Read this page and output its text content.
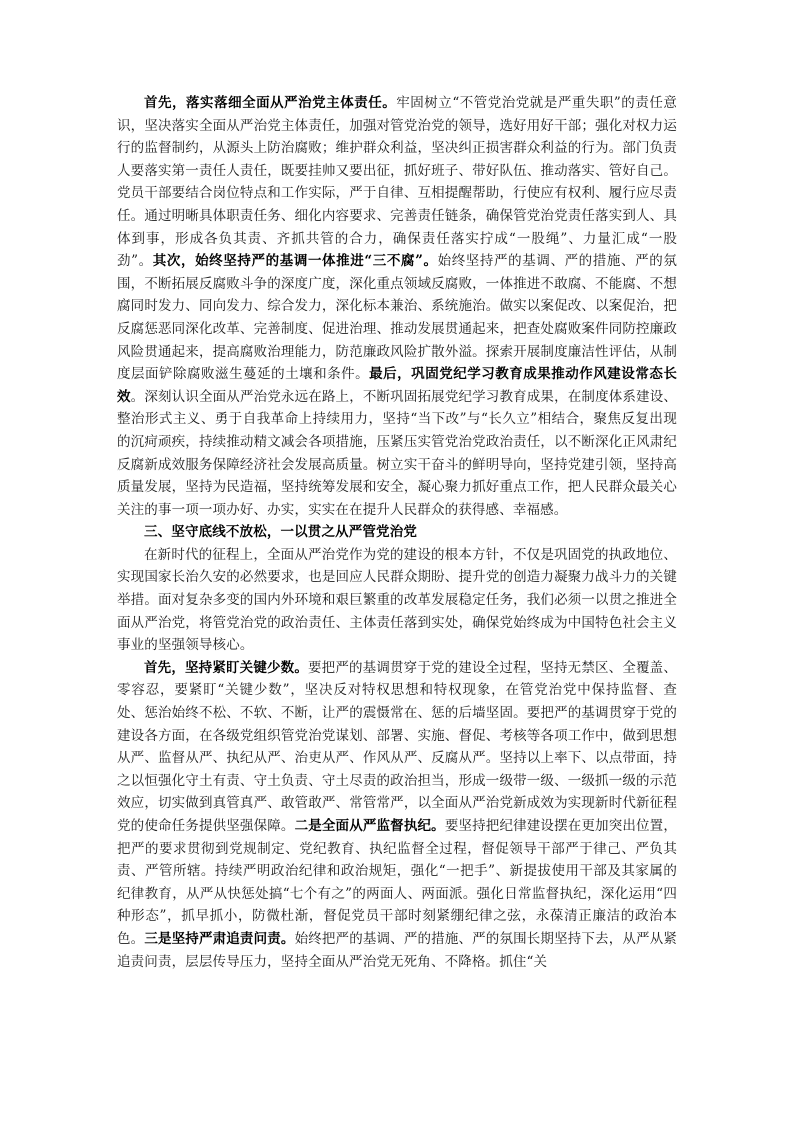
首先，落实落细全面从严治党主体责任。牢固树立“不管党治党就是严重失职”的责任意识，坚决落实全面从严治党主体责任，加强对管党治党的领导，选好用好干部；强化对权力运行的监督制约，从源头上防治腐败；维护群众利益，坚决纠正损害群众利益的行为。部门负责人要落实第一责任人责任，既要挂帅又要出征，抓好班子、带好队伍、推动落实、管好自己。党员干部要结合岗位特点和工作实际，严于自律、互相提醒帮助，行使应有权利、履行应尽责任。通过明晰具体职责任务、细化内容要求、完善责任链条，确保管党治党责任落实到人、具体到事，形成各负其责、齐抓共管的合力，确保责任落实拧成“一股绳”、力量汇成“一股劲”。其次，始终坚持严的基调一体推进“三不腐”。始终坚持严的基调、严的措施、严的氛围，不断拓展反腐败斗争的深度广度，深化重点领域反腐败，一体推进不敢腐、不能腐、不想腐同时发力、同向发力、综合发力，深化标本兼治、系统施治。做实以案促改、以案促治，把反腐惩恶同深化改革、完善制度、促进治理、推动发展贯通起来，把查处腐败案件同防控廉政风险贯通起来，提高腐败治理能力，防范廉政风险扩散外溢。探索开展制度廉洁性评估，从制度层面铲除腐败滋生蔓延的土壤和条件。最后，巩固党纪学习教育成果推动作风建设常态长效。深刻认识全面从严治党永远在路上，不断巩固拓展党纪学习教育成果，在制度体系建设、整治形式主义、勇于自我革命上持续用力，坚持“当下改”与“长久立”相结合，聚焦反复出现的沉疴顽疾，持续推动精文减会各项措施，压紧压实管党治党政治责任，以不断深化正风肃纪反腐新成效服务保障经济社会发展高质量。树立实干奋斗的鲜明导向，坚持党建引领，坚持高质量发展，坚持为民造福，坚持统筹发展和安全，凝心聚力抓好重点工作，把人民群众最关心关注的事一项一项办好、办实，实实在在提升人民群众的获得感、幸福感。

三、坚守底线不放松，一以贯之从严管党治党

在新时代的征程上，全面从严治党作为党的建设的根本方针，不仅是巩固党的执政地位、实现国家长治久安的必然要求，也是回应人民群众期盼、提升党的创造力凝聚力战斗力的关键举措。面对复杂多变的国内外环境和艰巨繁重的改革发展稳定任务，我们必须一以贯之推进全面从严治党，将管党治党的政治责任、主体责任落到实处，确保党始终成为中国特色社会主义事业的坚强领导核心。

首先，坚持紧盯关键少数。要把严的基调贯穿于党的建设全过程，坚持无禁区、全覆盖、零容忍，要紧盯“关键少数”，坚决反对特权思想和特权现象，在管党治党中保持监督、查处、惩治始终不松、不软、不断，让严的震慑常在、惩的后墙坚固。要把严的基调贯穿于党的建设各方面，在各级党组织管党治党谋划、部署、实施、督促、考核等各项工作中，做到思想从严、监督从严、执纪从严、治吏从严、作风从严、反腐从严。坚持以上率下、以点带面，持之以恒强化守土有责、守土负责、守土尽责的政治担当，形成一级带一级、一级抓一级的示范效应，切实做到真管真严、敢管敢严、常管常严，以全面从严治党新成效为实现新时代新征程党的使命任务提供坚强保障。二是全面从严监督执纪。要坚持把纪律建设摆在更加突出位置，把严的要求贯彻到党规制定、党纪教育、执纪监督全过程，督促领导干部严于律己、严负其责、严管所辖。持续严明政治纪律和政治规矩，强化“一把手”、新提拔使用干部及其家属的纪律教育，从严从快惩处搞“七个有之”的两面人、两面派。强化日常监督执纪，深化运用“四种形态”，抓早抓小，防微杜渐，督促党员干部时刻紧绷纪律之弦，永葆清正廉洁的政治本色。三是坚持严肃追责问责。始终把严的基调、严的措施、严的氛围长期坚持下去，从严从紧追责问责，层层传导压力，坚持全面从严治党无死角、不降格。抓住“关
